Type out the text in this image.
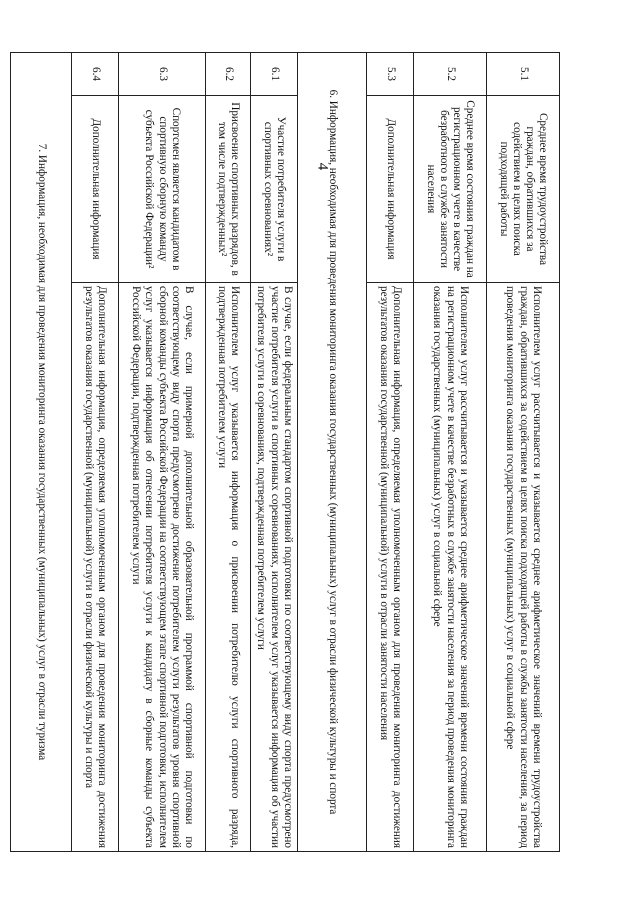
4
5.1	Среднее время трудоустройства граждан, обратившихся за содействием в целях поиска подходящей работы	Исполнителем услуг рассчитывается и указывается среднее арифметическое значений времени трудоустройства граждан, обратившихся за содействием в целях поиска подходящей работы в службы занятости населения, за период проведения мониторинга оказания государственных (муниципальных) услуг в социальной сфере
5.2	Среднее время состояния граждан на регистрационном учете в качестве безработного в службе занятости населения	Исполнителем услуг рассчитывается и указывается среднее арифметическое значений времени состояния граждан на регистрационном учете в качестве безработных в службе занятости населения за период проведения мониторинга оказания государственных (муниципальных) услуг в социальной сфере
5.3	Дополнительная информация	Дополнительная информация, определяемая уполномоченным органом для проведения мониторинга достижения результатов оказания государственной (муниципальной) услуги в отрасли занятости населения
6. Информация, необходимая для проведения мониторинга оказания государственных (муниципальных) услуг в отрасли физической культуры и спорта		
6.1	Участие потребителя услуги в спортивных соревнованиях²	В случае, если федеральным стандартом спортивной подготовки по соответствующему виду спорта предусмотрено участие потребителя услуги в спортивных соревнованиях, исполнителем услуг указывается информация об участии потребителя услуги в соревнованиях, подтвержденная потребителем услуги
6.2	Присвоение спортивных разрядов, в том числе подтвержденных²	Исполнителем услуг указывается информация о присвоении потребителю услуги спортивного разряда, подтвержденная потребителем услуги
6.3	Спортсмен является кандидатом в спортивную сборную команду субъекта Российской Федерации²	В случае, если примерной дополнительной образовательной программой спортивной подготовки по соответствующему виду спорта предусмотрено достижение потребителем услуги результатов уровня спортивной сборной команды субъекта Российской Федерации на соответствующем этапе спортивной подготовки, исполнителем услуг указывается информация об отнесении потребителя услуги к кандидату в сборные команды субъекта Российской Федерации, подтвержденная потребителем услуги
6.4	Дополнительная информация	Дополнительная информация, определяемая уполномоченным органом для проведения мониторинга достижения результатов оказания государственной (муниципальной) услуги в отрасли физической культуры и спорта
7. Информация, необходимая для проведения мониторинга оказания государственных (муниципальных) услуг в отрасли туризма		
